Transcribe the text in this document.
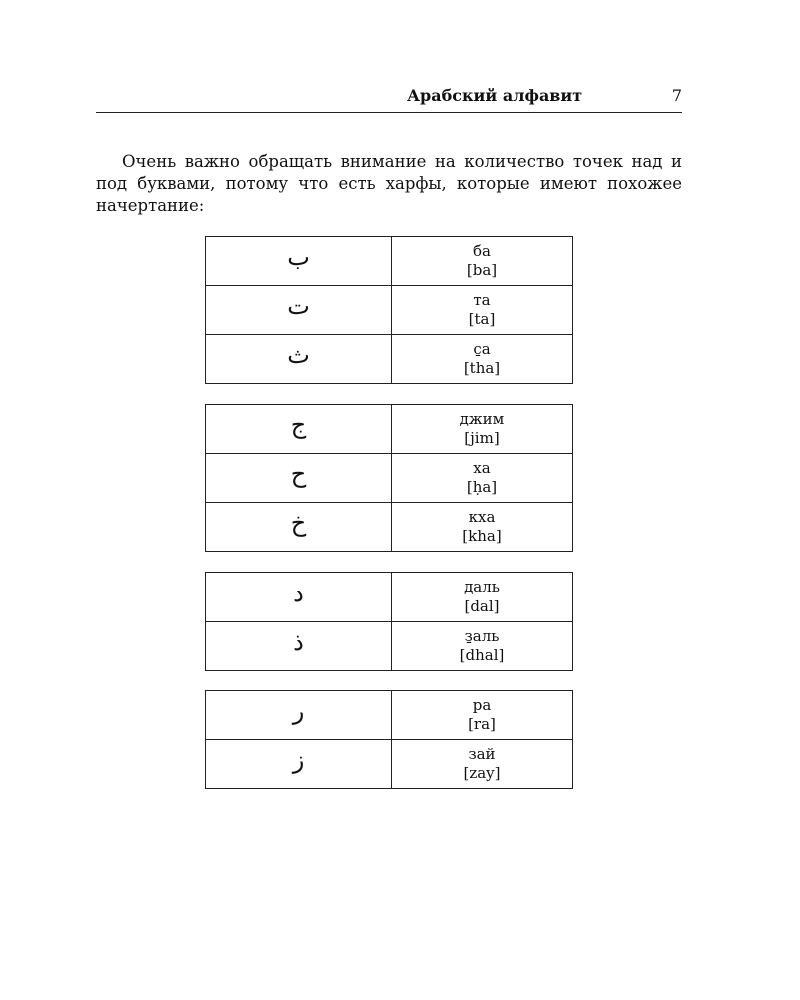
Арабский алфавит	7

Очень важно обращать внимание на количество точек над и под буквами, потому что есть харфы, которые имеют похожее начертание:

ب	ба
[ba]
ت	та
[ta]
ث	с̱а
[tha]
ج	джим
[jim]
ح	ха
[ḥa]
خ	кха
[kha]
د	даль
[dal]
ذ	з̱аль
[dhal]
ر	ра
[ra]
ز	зай
[zay]
